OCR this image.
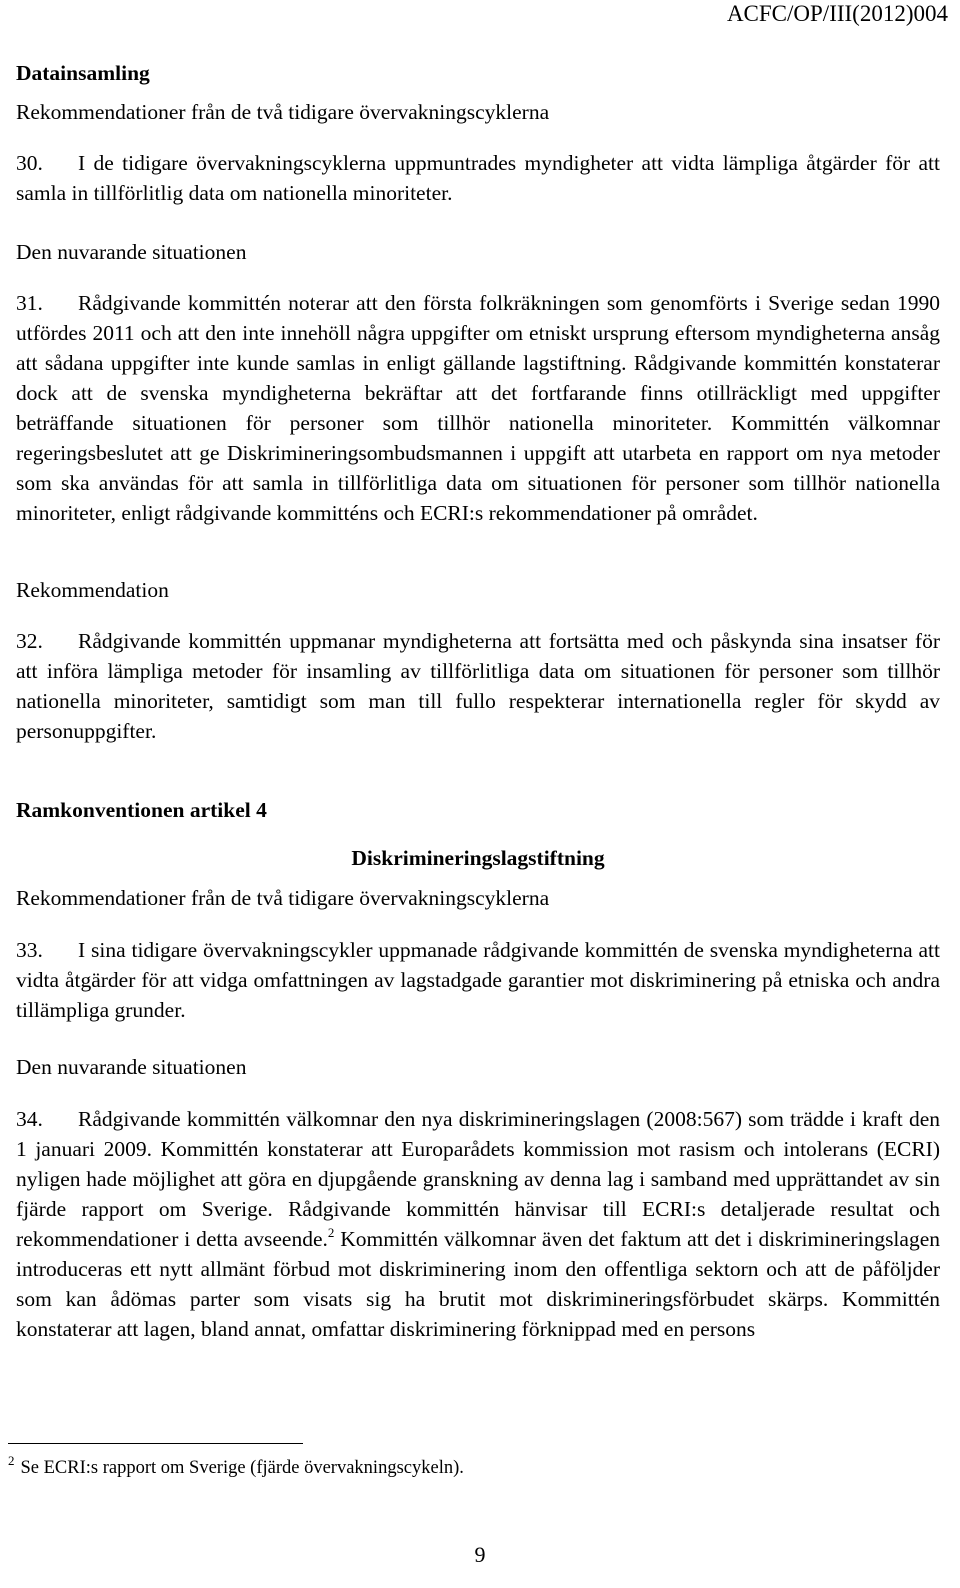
ACFC/OP/III(2012)004
Datainsamling
Rekommendationer från de två tidigare övervakningscyklerna

30. I de tidigare övervakningscyklerna uppmuntrades myndigheter att vidta lämpliga åtgärder för att samla in tillförlitlig data om nationella minoriteter.

Den nuvarande situationen

31. Rådgivande kommittén noterar att den första folkräkningen som genomförts i Sverige sedan 1990 utfördes 2011 och att den inte innehöll några uppgifter om etniskt ursprung eftersom myndigheterna ansåg att sådana uppgifter inte kunde samlas in enligt gällande lagstiftning. Rådgivande kommittén konstaterar dock att de svenska myndigheterna bekräftar att det fortfarande finns otillräckligt med uppgifter beträffande situationen för personer som tillhör nationella minoriteter. Kommittén välkomnar regeringsbeslutet att ge Diskrimineringsombudsmannen i uppgift att utarbeta en rapport om nya metoder som ska användas för att samla in tillförlitliga data om situationen för personer som tillhör nationella minoriteter, enligt rådgivande kommitténs och ECRI:s rekommendationer på området.

Rekommendation

32. Rådgivande kommittén uppmanar myndigheterna att fortsätta med och påskynda sina insatser för att införa lämpliga metoder för insamling av tillförlitliga data om situationen för personer som tillhör nationella minoriteter, samtidigt som man till fullo respekterar internationella regler för skydd av personuppgifter.

Ramkonventionen artikel 4
Diskrimineringslagstiftning
Rekommendationer från de två tidigare övervakningscyklerna

33. I sina tidigare övervakningscykler uppmanade rådgivande kommittén de svenska myndigheterna att vidta åtgärder för att vidga omfattningen av lagstadgade garantier mot diskriminering på etniska och andra tillämpliga grunder.

Den nuvarande situationen

34. Rådgivande kommittén välkomnar den nya diskrimineringslagen (2008:567) som trädde i kraft den 1 januari 2009. Kommittén konstaterar att Europarådets kommission mot rasism och intolerans (ECRI) nyligen hade möjlighet att göra en djupgående granskning av denna lag i samband med upprättandet av sin fjärde rapport om Sverige. Rådgivande kommittén hänvisar till ECRI:s detaljerade resultat och rekommendationer i detta avseende.$^2$ Kommittén välkomnar även det faktum att det i diskrimineringslagen introduceras ett nytt allmänt förbud mot diskriminering inom den offentliga sektorn och att de påföljder som kan ådömas parter som visats sig ha brutit mot diskrimineringsförbudet skärps. Kommittén konstaterar att lagen, bland annat, omfattar diskriminering förknippad med en persons

$^2$ Se ECRI:s rapport om Sverige (fjärde övervakningscykeln).
9
